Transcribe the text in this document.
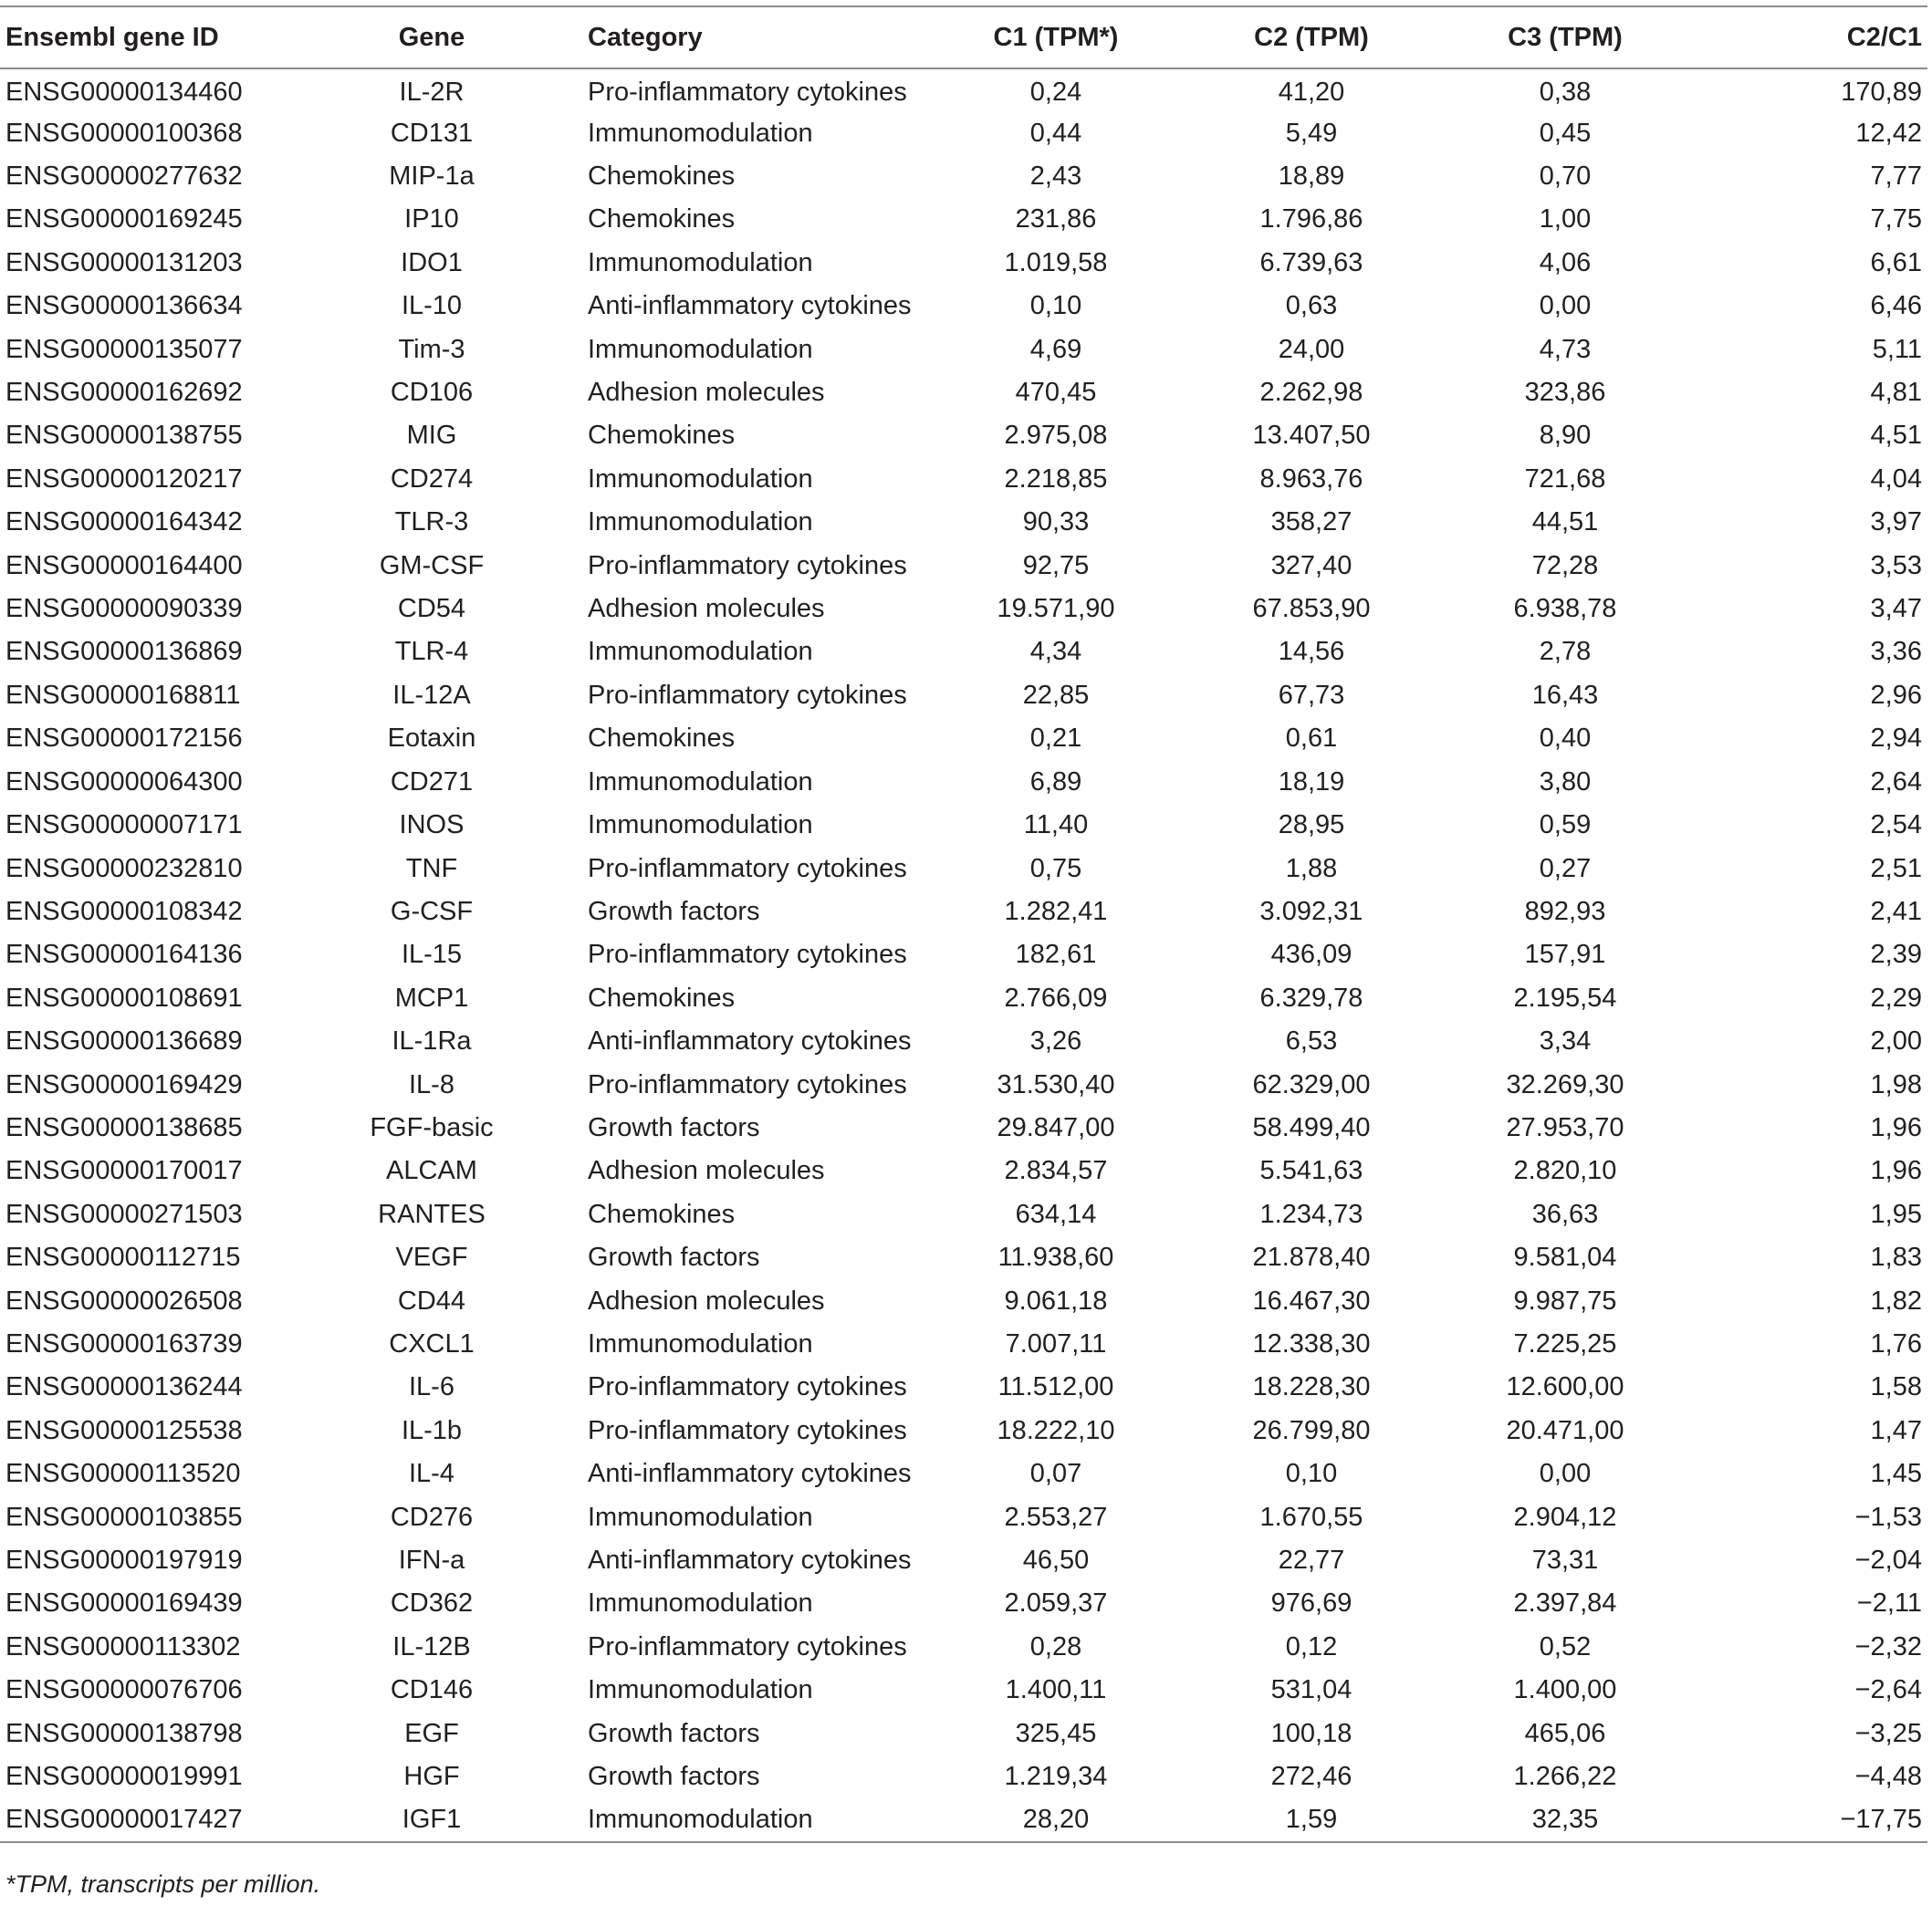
Ensembl gene ID	Gene	Category	C1 (TPM*)	C2 (TPM)	C3 (TPM)	C2/C1
ENSG00000134460	IL-2R	Pro-inflammatory cytokines	0,24	41,20	0,38	170,89
ENSG00000100368	CD131	Immunomodulation	0,44	5,49	0,45	12,42
ENSG00000277632	MIP-1a	Chemokines	2,43	18,89	0,70	7,77
ENSG00000169245	IP10	Chemokines	231,86	1.796,86	1,00	7,75
ENSG00000131203	IDO1	Immunomodulation	1.019,58	6.739,63	4,06	6,61
ENSG00000136634	IL-10	Anti-inflammatory cytokines	0,10	0,63	0,00	6,46
ENSG00000135077	Tim-3	Immunomodulation	4,69	24,00	4,73	5,11
ENSG00000162692	CD106	Adhesion molecules	470,45	2.262,98	323,86	4,81
ENSG00000138755	MIG	Chemokines	2.975,08	13.407,50	8,90	4,51
ENSG00000120217	CD274	Immunomodulation	2.218,85	8.963,76	721,68	4,04
ENSG00000164342	TLR-3	Immunomodulation	90,33	358,27	44,51	3,97
ENSG00000164400	GM-CSF	Pro-inflammatory cytokines	92,75	327,40	72,28	3,53
ENSG00000090339	CD54	Adhesion molecules	19.571,90	67.853,90	6.938,78	3,47
ENSG00000136869	TLR-4	Immunomodulation	4,34	14,56	2,78	3,36
ENSG00000168811	IL-12A	Pro-inflammatory cytokines	22,85	67,73	16,43	2,96
ENSG00000172156	Eotaxin	Chemokines	0,21	0,61	0,40	2,94
ENSG00000064300	CD271	Immunomodulation	6,89	18,19	3,80	2,64
ENSG00000007171	INOS	Immunomodulation	11,40	28,95	0,59	2,54
ENSG00000232810	TNF	Pro-inflammatory cytokines	0,75	1,88	0,27	2,51
ENSG00000108342	G-CSF	Growth factors	1.282,41	3.092,31	892,93	2,41
ENSG00000164136	IL-15	Pro-inflammatory cytokines	182,61	436,09	157,91	2,39
ENSG00000108691	MCP1	Chemokines	2.766,09	6.329,78	2.195,54	2,29
ENSG00000136689	IL-1Ra	Anti-inflammatory cytokines	3,26	6,53	3,34	2,00
ENSG00000169429	IL-8	Pro-inflammatory cytokines	31.530,40	62.329,00	32.269,30	1,98
ENSG00000138685	FGF-basic	Growth factors	29.847,00	58.499,40	27.953,70	1,96
ENSG00000170017	ALCAM	Adhesion molecules	2.834,57	5.541,63	2.820,10	1,96
ENSG00000271503	RANTES	Chemokines	634,14	1.234,73	36,63	1,95
ENSG00000112715	VEGF	Growth factors	11.938,60	21.878,40	9.581,04	1,83
ENSG00000026508	CD44	Adhesion molecules	9.061,18	16.467,30	9.987,75	1,82
ENSG00000163739	CXCL1	Immunomodulation	7.007,11	12.338,30	7.225,25	1,76
ENSG00000136244	IL-6	Pro-inflammatory cytokines	11.512,00	18.228,30	12.600,00	1,58
ENSG00000125538	IL-1b	Pro-inflammatory cytokines	18.222,10	26.799,80	20.471,00	1,47
ENSG00000113520	IL-4	Anti-inflammatory cytokines	0,07	0,10	0,00	1,45
ENSG00000103855	CD276	Immunomodulation	2.553,27	1.670,55	2.904,12	−1,53
ENSG00000197919	IFN-a	Anti-inflammatory cytokines	46,50	22,77	73,31	−2,04
ENSG00000169439	CD362	Immunomodulation	2.059,37	976,69	2.397,84	−2,11
ENSG00000113302	IL-12B	Pro-inflammatory cytokines	0,28	0,12	0,52	−2,32
ENSG00000076706	CD146	Immunomodulation	1.400,11	531,04	1.400,00	−2,64
ENSG00000138798	EGF	Growth factors	325,45	100,18	465,06	−3,25
ENSG00000019991	HGF	Growth factors	1.219,34	272,46	1.266,22	−4,48
ENSG00000017427	IGF1	Immunomodulation	28,20	1,59	32,35	−17,75
*TPM, transcripts per million.
